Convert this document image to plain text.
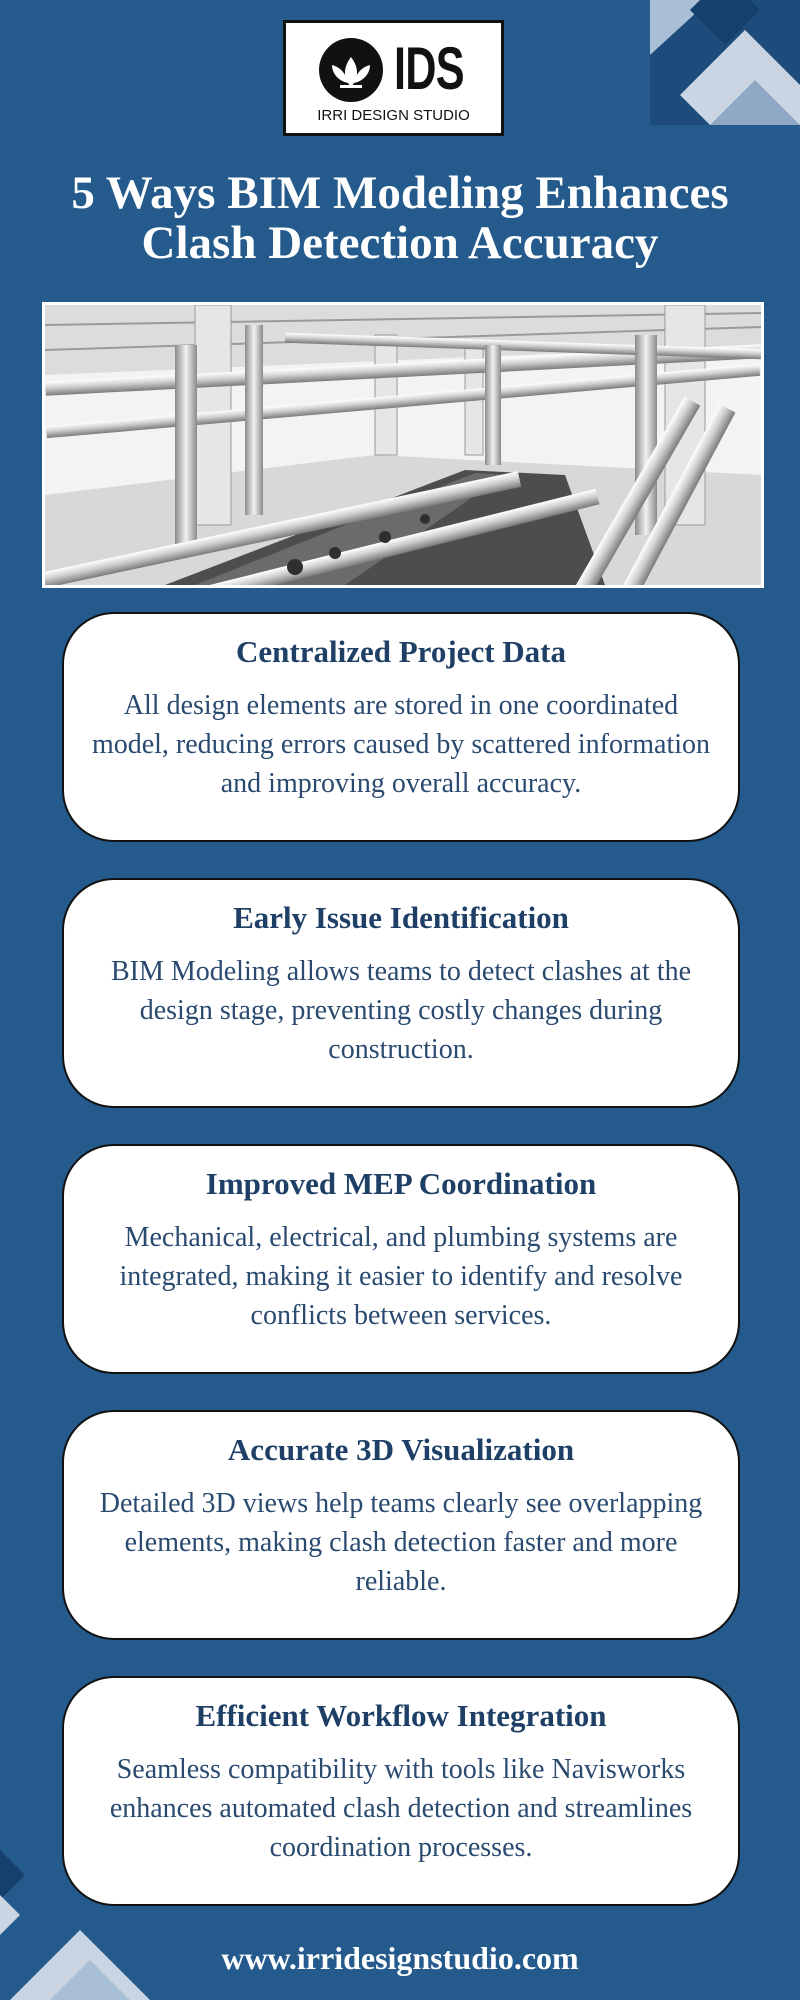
IDS
IRRI DESIGN STUDIO
5 Ways BIM Modeling Enhances
Clash Detection Accuracy
Centralized Project Data
All design elements are stored in one coordinated model, reducing errors caused by scattered information and improving overall accuracy.
Early Issue Identification
BIM Modeling allows teams to detect clashes at the design stage, preventing costly changes during construction.
Improved MEP Coordination
Mechanical, electrical, and plumbing systems are integrated, making it easier to identify and resolve conflicts between services.
Accurate 3D Visualization
Detailed 3D views help teams clearly see overlapping elements, making clash detection faster and more reliable.
Efficient Workflow Integration
Seamless compatibility with tools like Navisworks enhances automated clash detection and streamlines coordination processes.
www.irridesignstudio.com
